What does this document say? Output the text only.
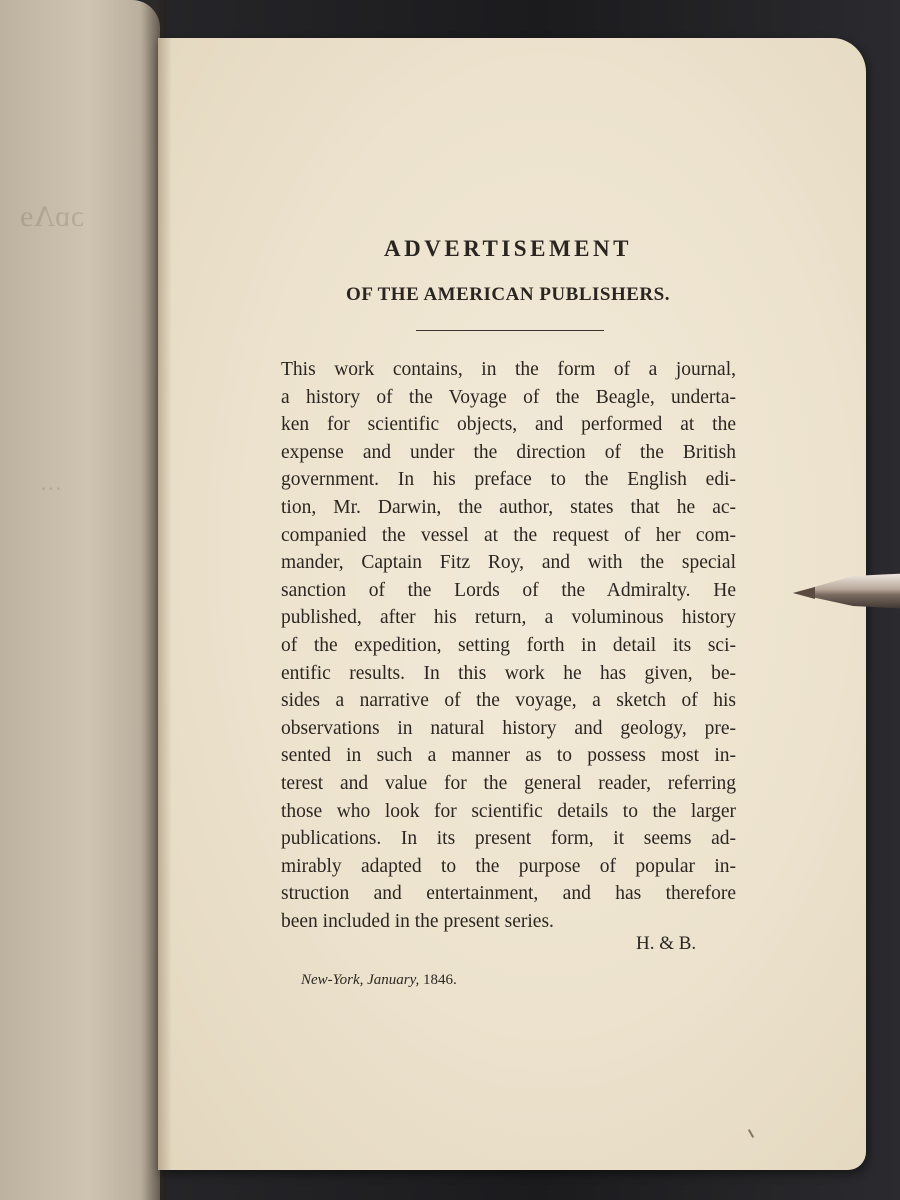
ɔɒɅɘ
…
ADVERTISEMENT
OF THE AMERICAN PUBLISHERS.
This work contains, in the form of a journal,
a history of the Voyage of the Beagle, underta-
ken for scientific objects, and performed at the
expense and under the direction of the British
government. In his preface to the English edi-
tion, Mr. Darwin, the author, states that he ac-
companied the vessel at the request of her com-
mander, Captain Fitz Roy, and with the special
sanction of the Lords of the Admiralty. He
published, after his return, a voluminous history
of the expedition, setting forth in detail its sci-
entific results. In this work he has given, be-
sides a narrative of the voyage, a sketch of his
observations in natural history and geology, pre-
sented in such a manner as to possess most in-
terest and value for the general reader, referring
those who look for scientific details to the larger
publications. In its present form, it seems ad-
mirably adapted to the purpose of popular in-
struction and entertainment, and has therefore
been included in the present series.
H. & B.
New-York, January, 1846.
